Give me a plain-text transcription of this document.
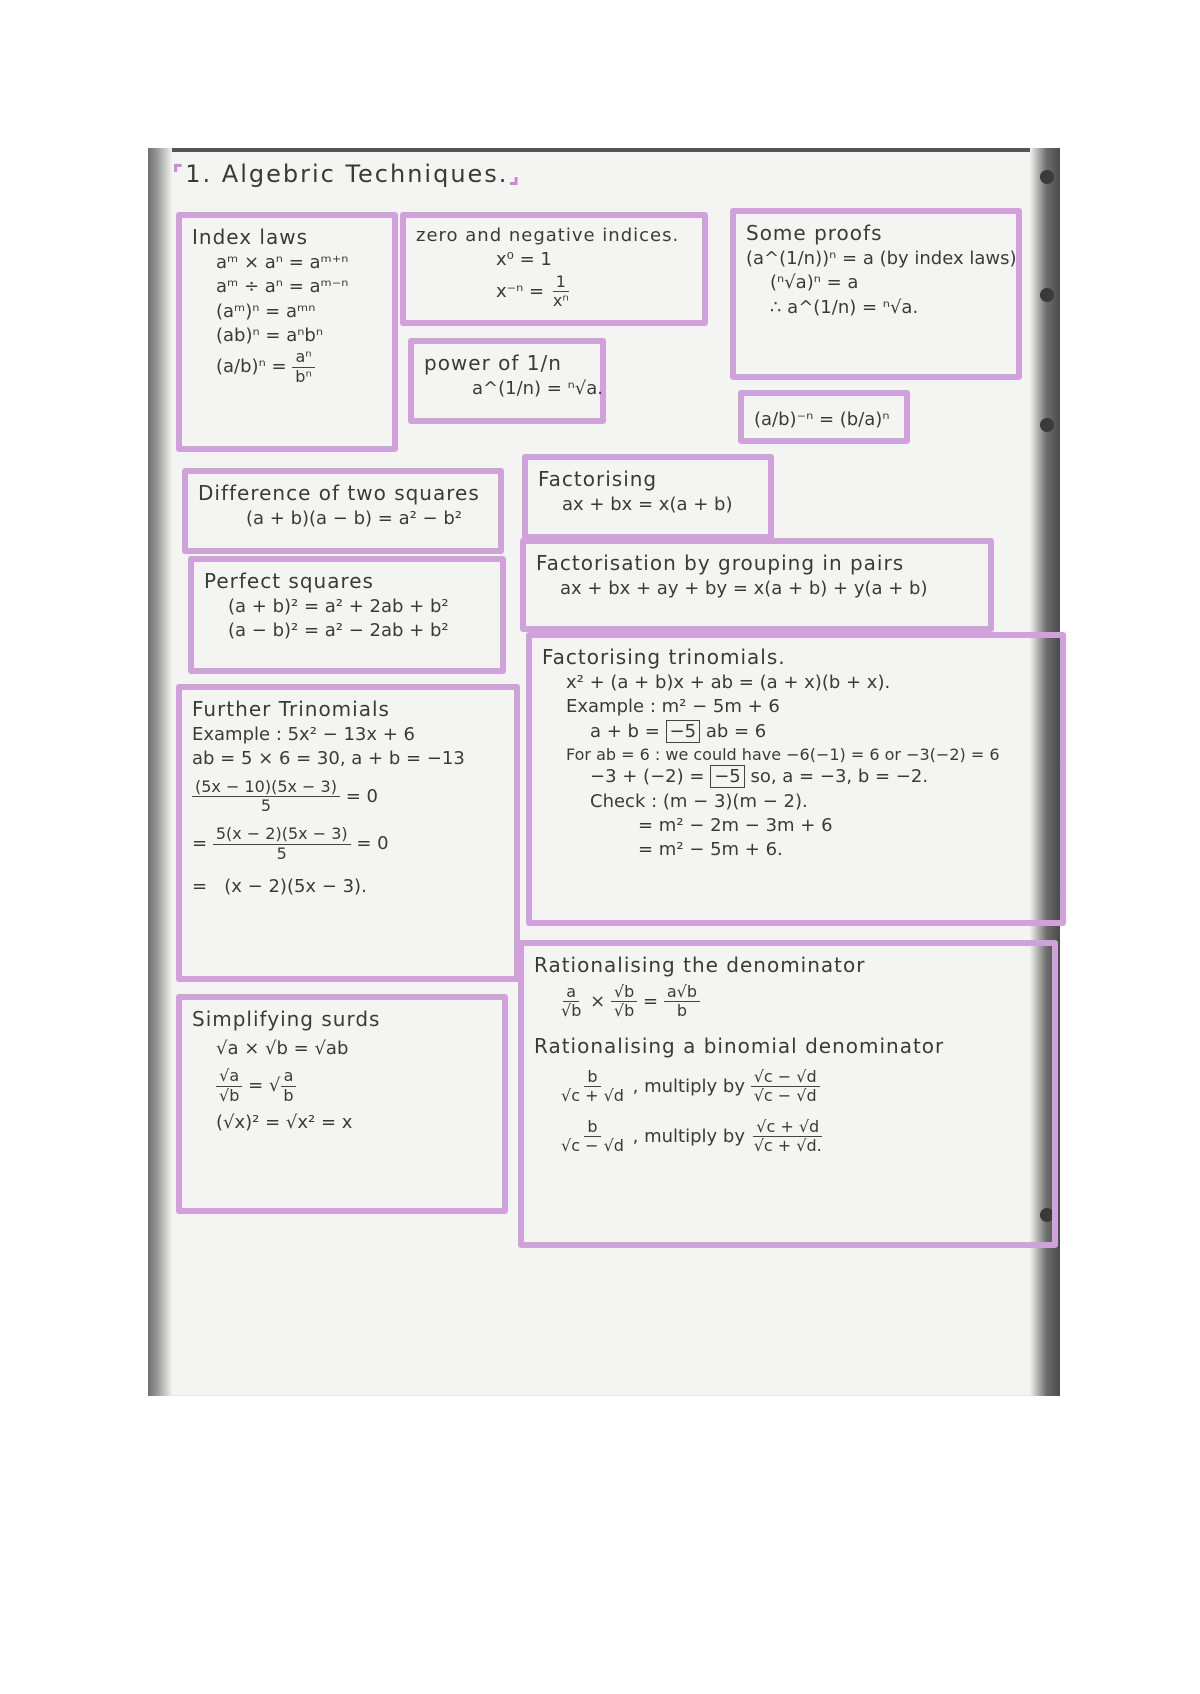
⌜1. Algebric Techniques.⌟
Index laws
aᵐ × aⁿ = aᵐ⁺ⁿ
aᵐ ÷ aⁿ = aᵐ⁻ⁿ
(aᵐ)ⁿ = aᵐⁿ
(ab)ⁿ = aⁿbⁿ
$(a/b)^n = \frac{\text{aⁿ}}{\text{bⁿ}}$
zero and negative indices.
x⁰ = 1
$x^{-n} = \frac{1}{\text{xⁿ}}$
power of 1/n
a^(1/n) = ⁿ√a.
Some proofs
(a^(1/n))ⁿ = a (by index laws)
(ⁿ√a)ⁿ = a
∴ a^(1/n) = ⁿ√a.
(a/b)⁻ⁿ = (b/a)ⁿ
Difference of two squares
(a + b)(a − b) = a² − b²
Factorising
ax + bx = x(a + b)
Perfect squares
(a + b)² = a² + 2ab + b²
(a − b)² = a² − 2ab + b²
Factorisation by grouping in pairs
ax + bx + ay + by = x(a + b) + y(a + b)
Further Trinomials
Example : 5x² − 13x + 6
ab = 5 × 6 = 30, a + b = −13
$\frac{(5x - 10)(5x - 3)}{5} = 0$
= $\frac{5(x - 2)(5x - 3)}{5} = 0$
= (x − 2)(5x − 3).
Factorising trinomials.
x² + (a + b)x + ab = (a + x)(b + x).
Example : m² − 5m + 6
a + b = −5 ab = 6
For ab = 6 : we could have −6(−1) = 6 or −3(−2) = 6
−3 + (−2) = −5 so, a = −3, b = −2.
Check : (m − 3)(m − 2).
= m² − 2m − 3m + 6
= m² − 5m + 6.
Simplifying surds
√a × √b = √ab
$\frac{√a}{√b}$ = √ $\frac{a}{b}$
(√x)² = √x² = x
Rationalising the denominator
$\frac{a}{√b} \times \frac{√b}{√b} = \frac{a√b}{b}$
Rationalising a binomial denominator
$\frac{b}{√c + √d}$ , multiply by $\frac{√c - √d}{√c - √d}$
$\frac{b}{√c - √d}$ , multiply by $\frac{√c + √d}{√c + √d.}$
